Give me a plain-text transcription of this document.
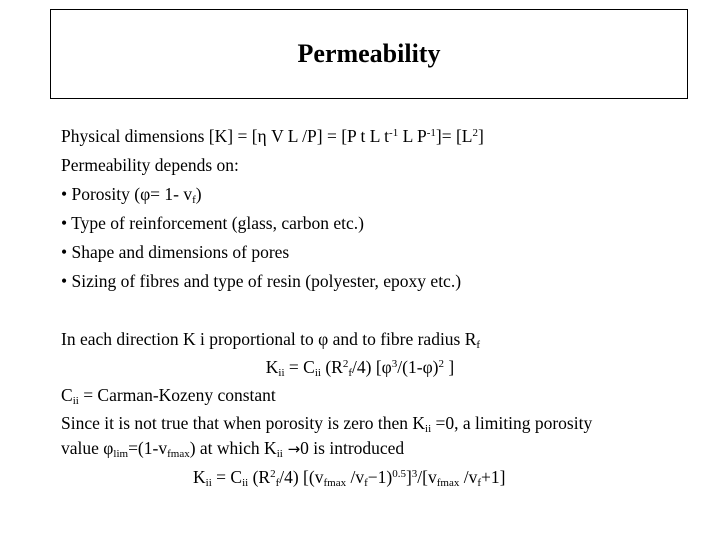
Permeability
Physical dimensions [K] = [η V L /P] = [P t L $t^{-1}$ L $P^{-1}]= [L^2]$
Permeability depends on:
• Porosity (φ= 1- $v_f$)
• Type of reinforcement (glass, carbon etc.)
• Shape and dimensions of pores
• Sizing of fibres and type of resin (polyester, epoxy etc.)
In each direction K i proportional to φ and to fibre radius $R_f$
$K_{ii} = C_{ii}$ $(R^2_f/4)$ [$\varphi^3/(1-\varphi)^2$ ]
$C_{ii}$ = Carman-Kozeny constant
Since it is not true that when porosity is zero then $K_{ii} =0$, a limiting porosity
value $\varphi_{lim}=(1-v_{fmax})$ at which $K_{ii} \to 0$ is introduced
$K_{ii} = C_{ii}$ $(R^2_f/4)$ [($v_{fmax}$ $/v_f-1)^{0.5}]^3/[v_{fmax}$ $/v_f+1$]
